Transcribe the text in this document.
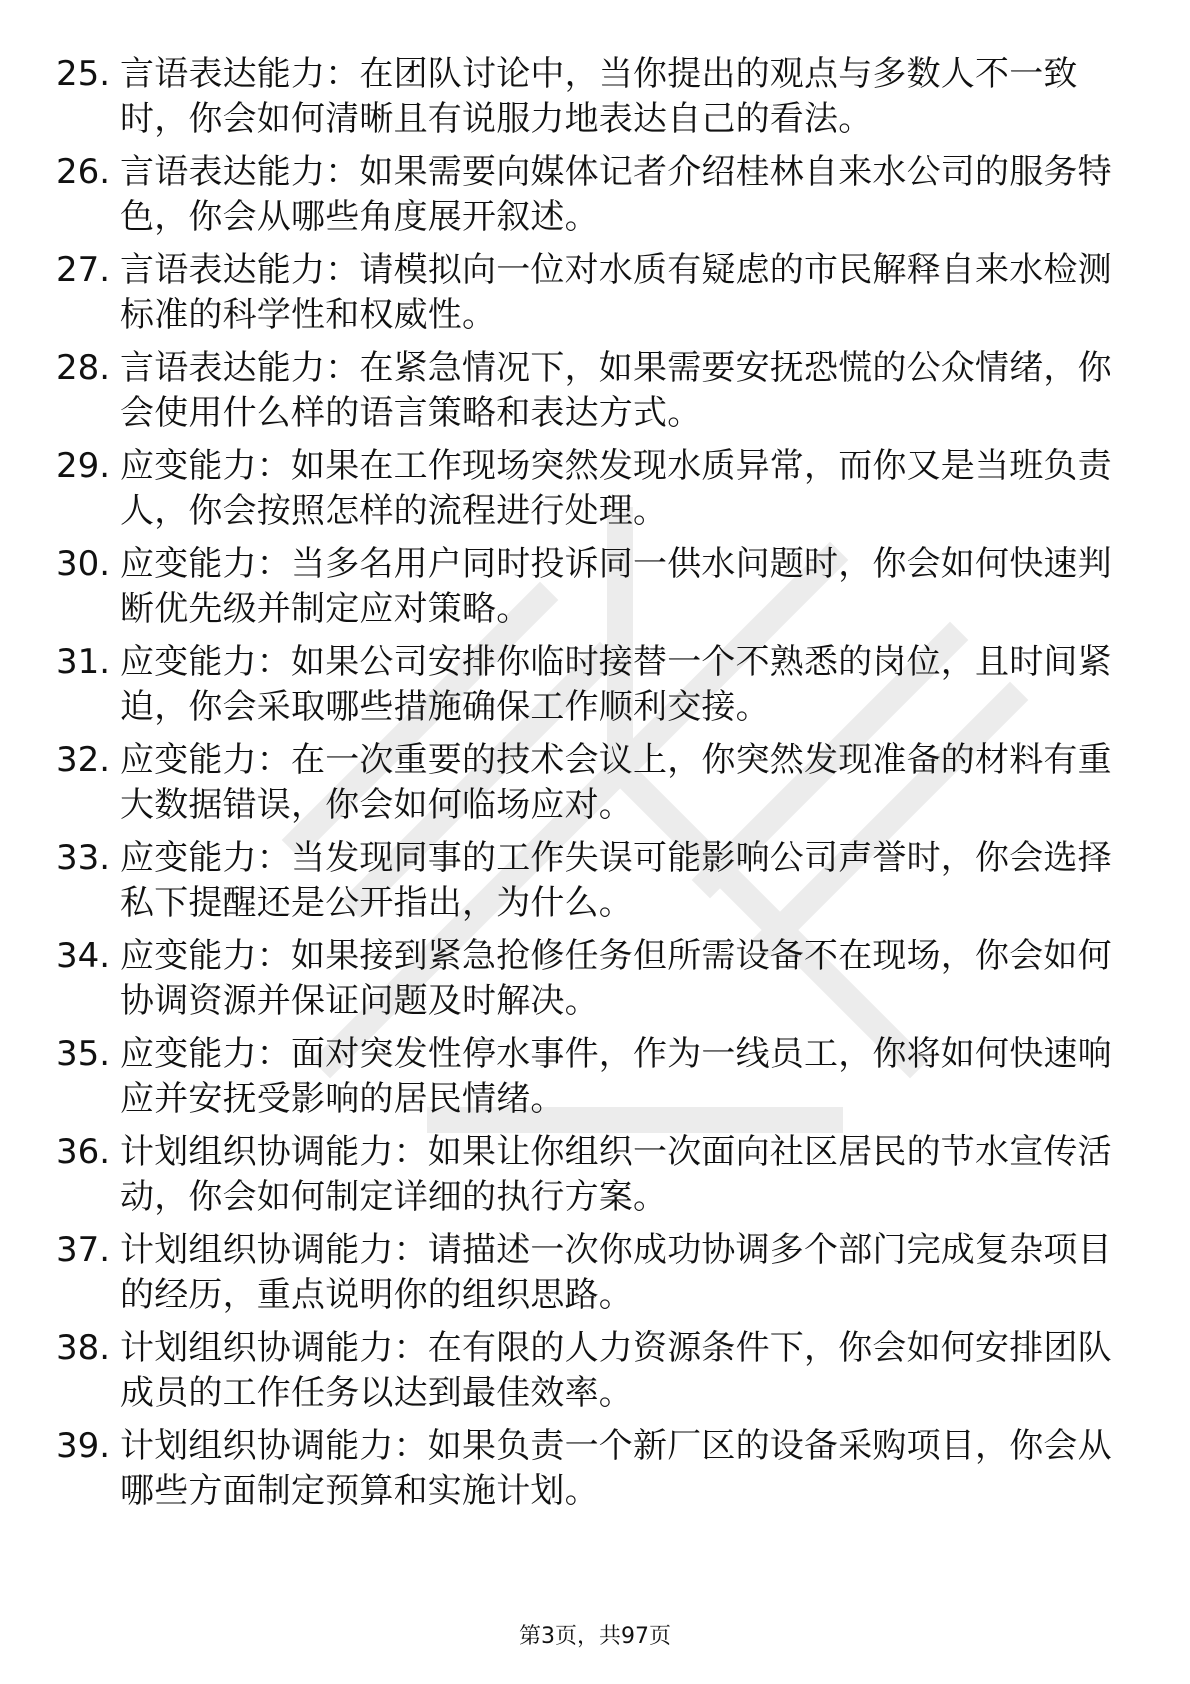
25. 言语表达能力：在团队讨论中，当你提出的观点与多数人不一致时，你会如何清晰且有说服力地表达自己的看法。
26. 言语表达能力：如果需要向媒体记者介绍桂林自来水公司的服务特色，你会从哪些角度展开叙述。
27. 言语表达能力：请模拟向一位对水质有疑虑的市民解释自来水检测标准的科学性和权威性。
28. 言语表达能力：在紧急情况下，如果需要安抚恐慌的公众情绪，你会使用什么样的语言策略和表达方式。
29. 应变能力：如果在工作现场突然发现水质异常，而你又是当班负责人，你会按照怎样的流程进行处理。
30. 应变能力：当多名用户同时投诉同一供水问题时，你会如何快速判断优先级并制定应对策略。
31. 应变能力：如果公司安排你临时接替一个不熟悉的岗位，且时间紧迫，你会采取哪些措施确保工作顺利交接。
32. 应变能力：在一次重要的技术会议上，你突然发现准备的材料有重大数据错误，你会如何临场应对。
33. 应变能力：当发现同事的工作失误可能影响公司声誉时，你会选择私下提醒还是公开指出，为什么。
34. 应变能力：如果接到紧急抢修任务但所需设备不在现场，你会如何协调资源并保证问题及时解决。
35. 应变能力：面对突发性停水事件，作为一线员工，你将如何快速响应并安抚受影响的居民情绪。
36. 计划组织协调能力：如果让你组织一次面向社区居民的节水宣传活动，你会如何制定详细的执行方案。
37. 计划组织协调能力：请描述一次你成功协调多个部门完成复杂项目的经历，重点说明你的组织思路。
38. 计划组织协调能力：在有限的人力资源条件下，你会如何安排团队成员的工作任务以达到最佳效率。
39. 计划组织协调能力：如果负责一个新厂区的设备采购项目，你会从哪些方面制定预算和实施计划。
第3页，共97页
